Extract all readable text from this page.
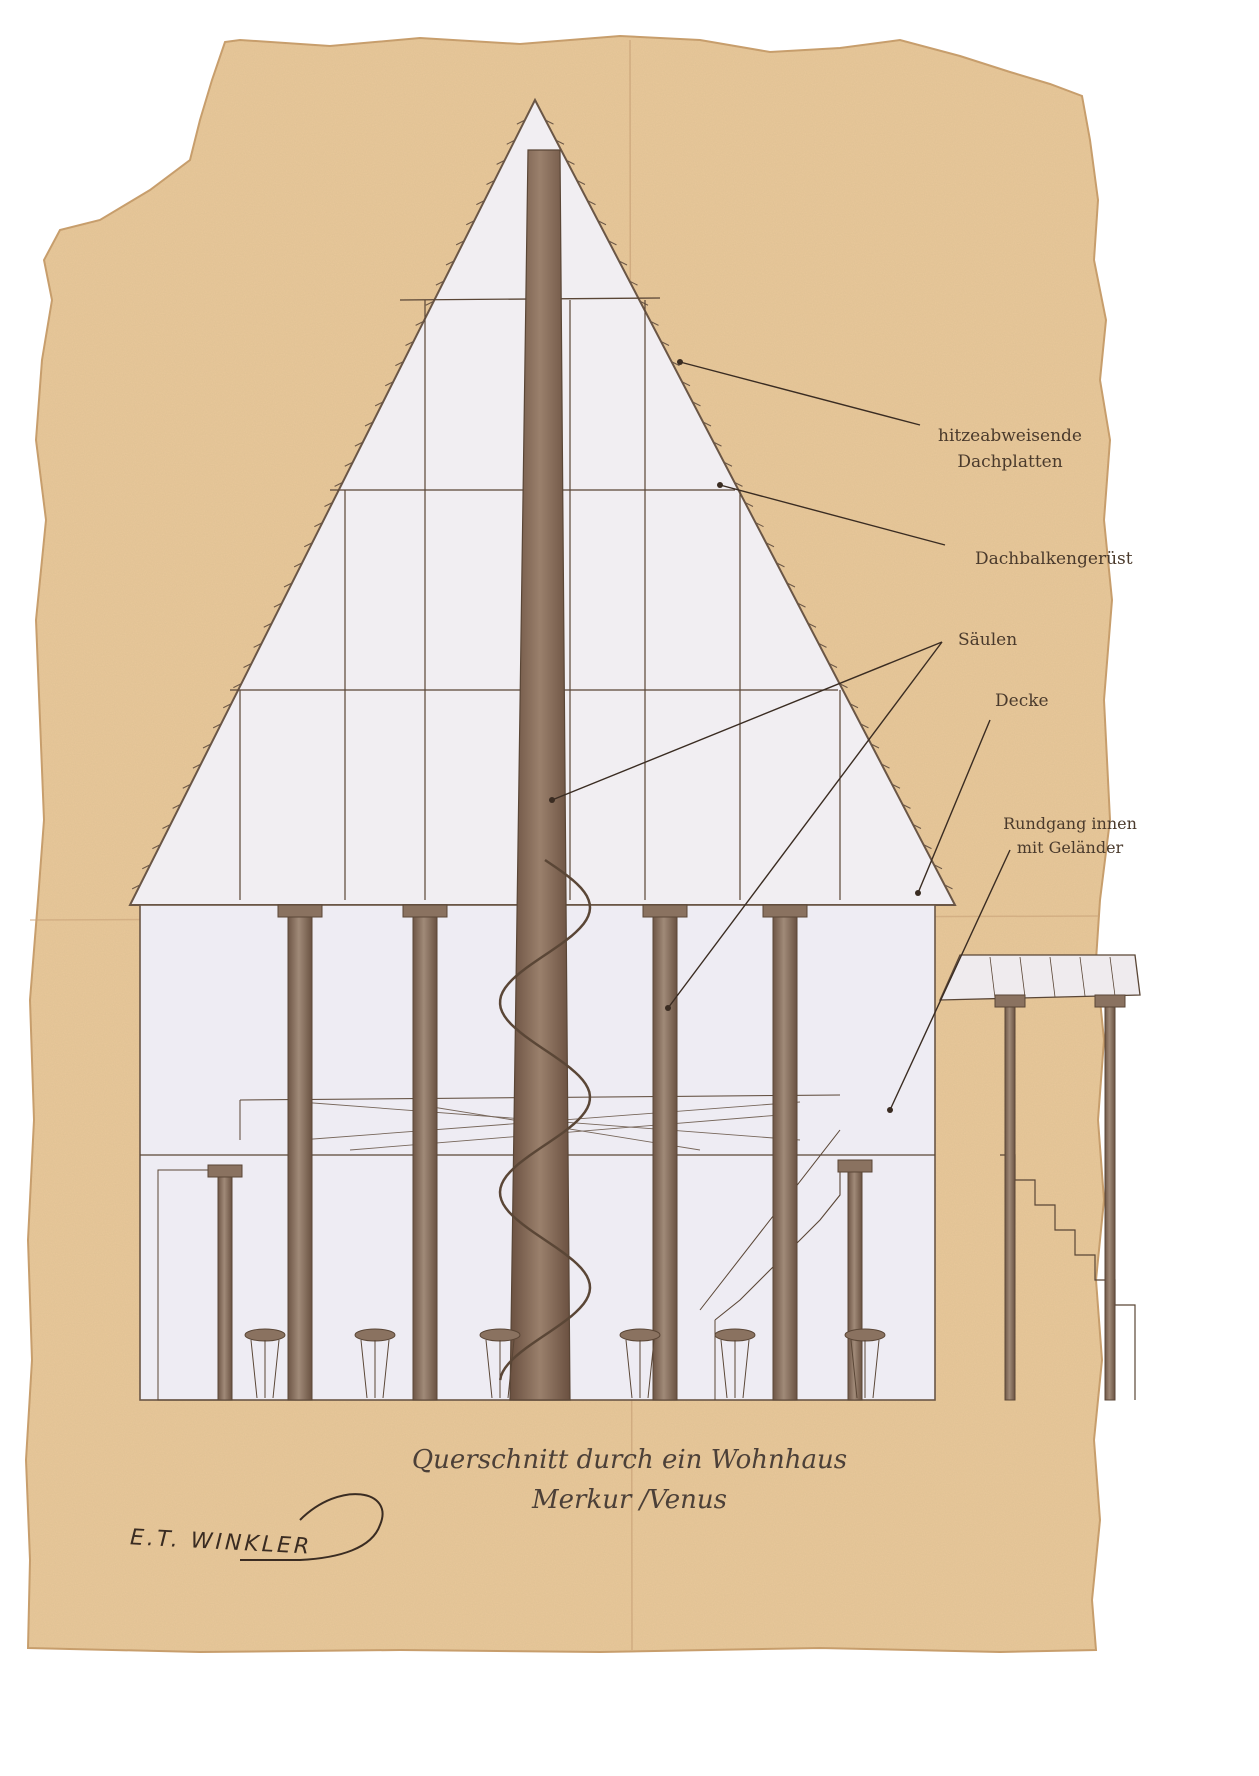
hitzeabweisende
Dachplatten
Dachbalkengerüst
Säulen
Decke
Rundgang innen
mit Geländer
Querschnitt durch ein Wohnhaus
Merkur /Venus
E.T. WINKLER
